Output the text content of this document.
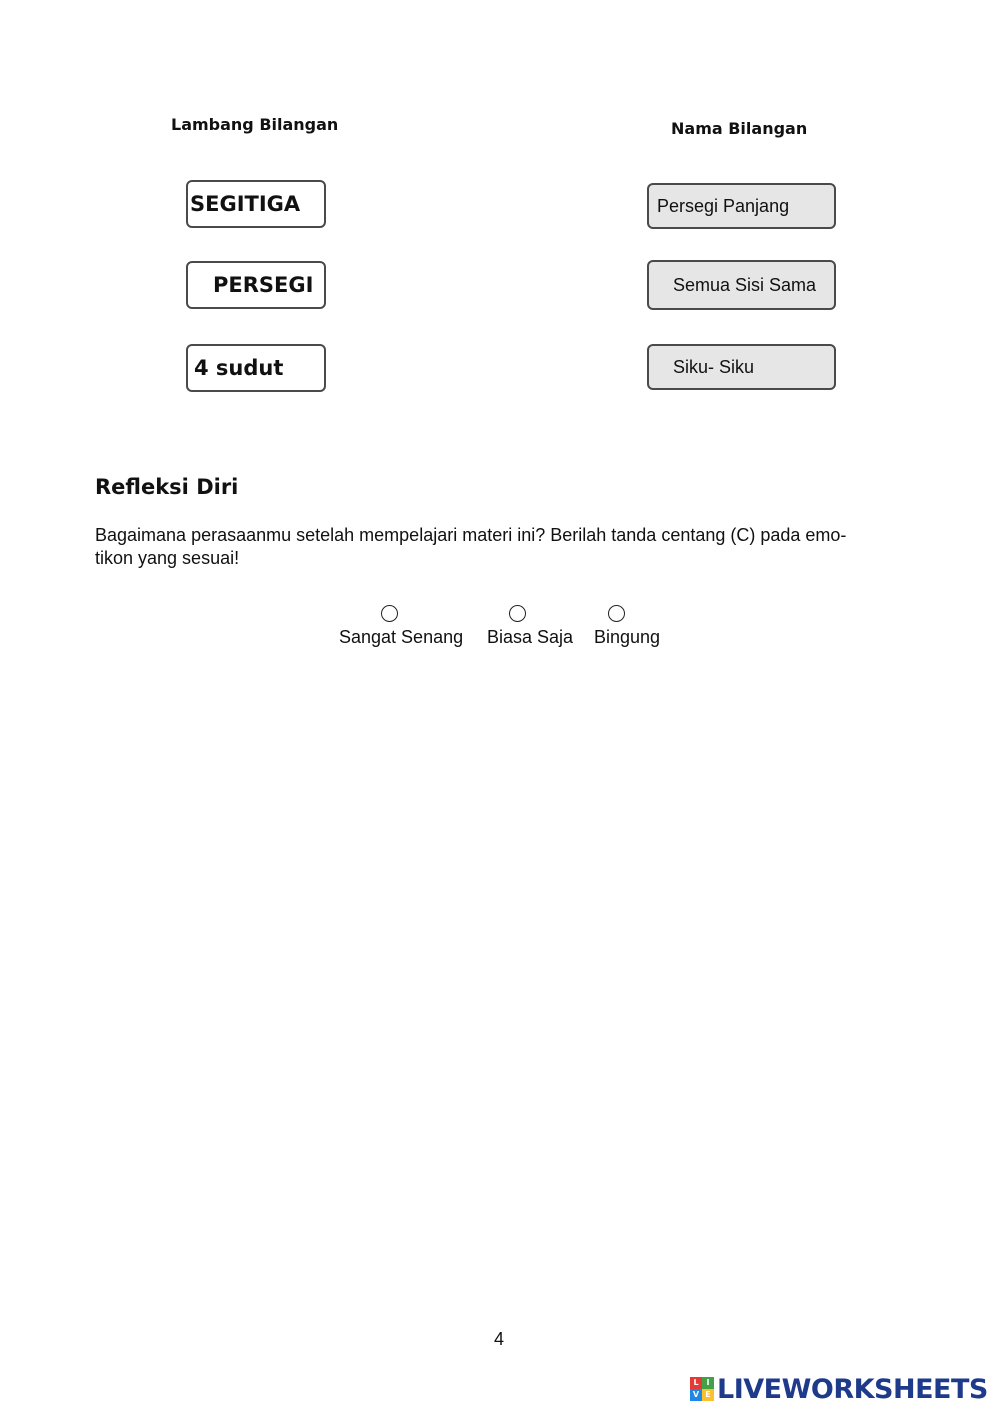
Lambang Bilangan	Nama Bilangan
SEGITIGA
PERSEGI
4 sudut
Persegi Panjang
Semua Sisi Sama
Siku- Siku
Refleksi Diri
Bagaimana perasaanmu setelah mempelajari materi ini? Berilah tanda centang (C) pada emo-
tikon yang sesuai!
Sangat Senang Biasa Saja Bingung
4
L I
V E LIVEWORKSHEETS
